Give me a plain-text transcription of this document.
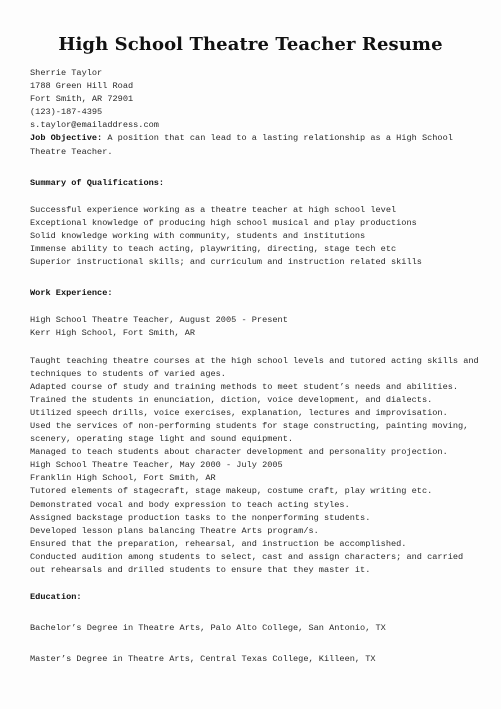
High School Theatre Teacher Resume
Sherrie Taylor
1788 Green Hill Road
Fort Smith, AR 72901
(123)-187-4395
s.taylor@emailaddress.com
Job Objective: A position that can lead to a lasting relationship as a High School Theatre Teacher.
Summary of Qualifications:
Successful experience working as a theatre teacher at high school level
Exceptional knowledge of producing high school musical and play productions
Solid knowledge working with community, students and institutions
Immense ability to teach acting, playwriting, directing, stage tech etc
Superior instructional skills; and curriculum and instruction related skills
Work Experience:
High School Theatre Teacher, August 2005 - Present
Kerr High School, Fort Smith, AR
Taught teaching theatre courses at the high school levels and tutored acting skills and techniques to students of varied ages.
Adapted course of study and training methods to meet student’s needs and abilities.
Trained the students in enunciation, diction, voice development, and dialects.
Utilized speech drills, voice exercises, explanation, lectures and improvisation.
Used the services of non-performing students for stage constructing, painting moving, scenery, operating stage light and sound equipment.
Managed to teach students about character development and personality projection.
High School Theatre Teacher, May 2000 - July 2005
Franklin High School, Fort Smith, AR
Tutored elements of stagecraft, stage makeup, costume craft, play writing etc.
Demonstrated vocal and body expression to teach acting styles.
Assigned backstage production tasks to the nonperforming students.
Developed lesson plans balancing Theatre Arts program/s.
Ensured that the preparation, rehearsal, and instruction be accomplished.
Conducted audition among students to select, cast and assign characters; and carried out rehearsals and drilled students to ensure that they master it.
Education:
Bachelor’s Degree in Theatre Arts, Palo Alto College, San Antonio, TX
Master’s Degree in Theatre Arts, Central Texas College, Killeen, TX
